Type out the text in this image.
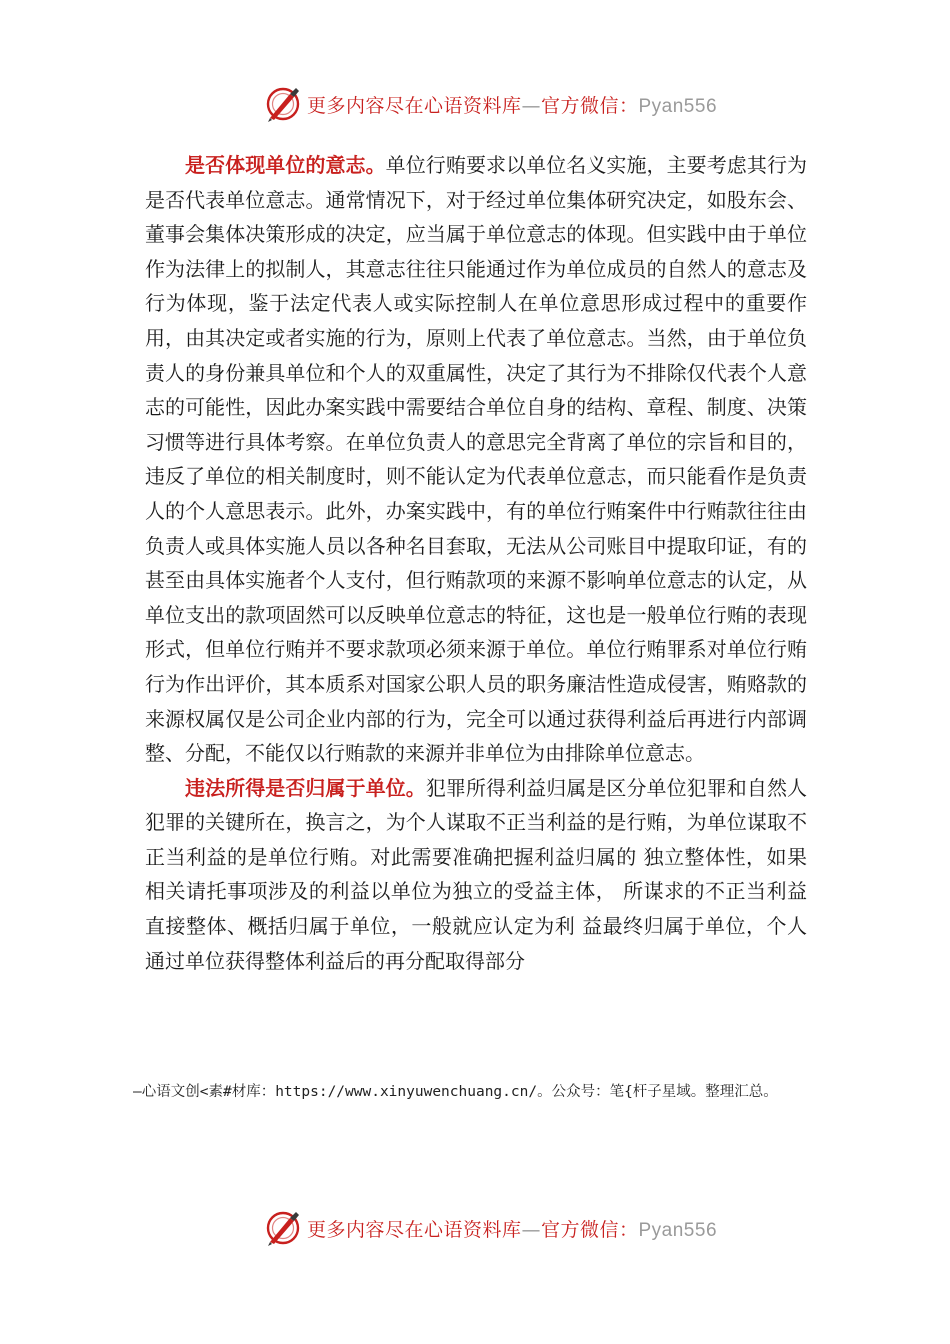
更多内容尽在心语资料库—官方微信：Pyan556

是否体现单位的意志。单位行贿要求以单位名义实施，主要考虑其行为是否代表单位意志。通常情况下，对于经过单位集体研究决定，如股东会、董事会集体决策形成的决定，应当属于单位意志的体现。但实践中由于单位作为法律上的拟制人，其意志往往只能通过作为单位成员的自然人的意志及行为体现，鉴于法定代表人或实际控制人在单位意思形成过程中的重要作用，由其决定或者实施的行为，原则上代表了单位意志。当然，由于单位负责人的身份兼具单位和个人的双重属性，决定了其行为不排除仅代表个人意志的可能性，因此办案实践中需要结合单位自身的结构、章程、制度、决策习惯等进行具体考察。在单位负责人的意思完全背离了单位的宗旨和目的，违反了单位的相关制度时，则不能认定为代表单位意志，而只能看作是负责人的个人意思表示。此外，办案实践中，有的单位行贿案件中行贿款往往由负责人或具体实施人员以各种名目套取，无法从公司账目中提取印证，有的甚至由具体实施者个人支付，但行贿款项的来源不影响单位意志的认定，从单位支出的款项固然可以反映单位意志的特征，这也是一般单位行贿的表现形式，但单位行贿并不要求款项必须来源于单位。单位行贿罪系对单位行贿行为作出评价，其本质系对国家公职人员的职务廉洁性造成侵害，贿赂款的来源权属仅是公司企业内部的行为，完全可以通过获得利益后再进行内部调整、分配，不能仅以行贿款的来源并非单位为由排除单位意志。

违法所得是否归属于单位。犯罪所得利益归属是区分单位犯罪和自然人犯罪的关键所在，换言之，为个人谋取不正当利益的是行贿，为单位谋取不正当利益的是单位行贿。对此需要准确把握利益归属的 独立整体性，如果相关请托事项涉及的利益以单位为独立的受益主体， 所谋求的不正当利益直接整体、概括归属于单位，一般就应认定为利 益最终归属于单位，个人通过单位获得整体利益后的再分配取得部分

—心语文创<素#材库：https://www.xinyuwenchuang.cn/。公众号：笔{杆子星域。整理汇总。
更多内容尽在心语资料库—官方微信：Pyan556
